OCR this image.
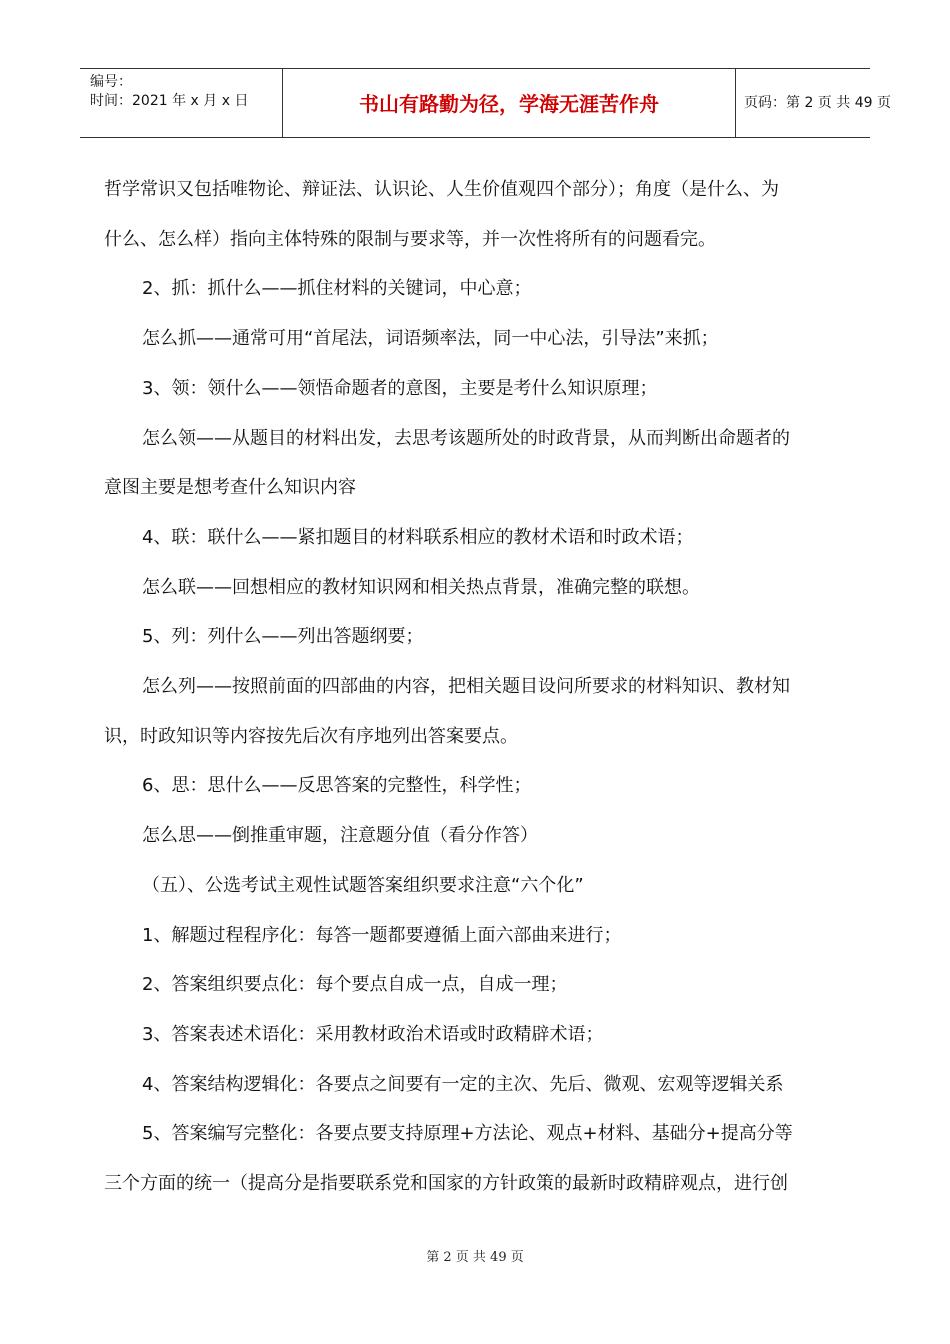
编号：
时间：2021 年 x 月 x 日	书山有路勤为径，学海无涯苦作舟	页码：第 2 页 共 49 页

哲学常识又包括唯物论、辩证法、认识论、人生价值观四个部分）；角度（是什么、为

什么、怎么样）指向主体特殊的限制与要求等，并一次性将所有的问题看完。

2、抓：抓什么——抓住材料的关键词，中心意；

怎么抓——通常可用“首尾法，词语频率法，同一中心法，引导法”来抓；

3、领：领什么——领悟命题者的意图，主要是考什么知识原理；

怎么领——从题目的材料出发，去思考该题所处的时政背景，从而判断出命题者的

意图主要是想考查什么知识内容

4、联：联什么——紧扣题目的材料联系相应的教材术语和时政术语；

怎么联——回想相应的教材知识网和相关热点背景，准确完整的联想。

5、列：列什么——列出答题纲要；

怎么列——按照前面的四部曲的内容，把相关题目设问所要求的材料知识、教材知

识，时政知识等内容按先后次有序地列出答案要点。

6、思：思什么——反思答案的完整性，科学性；

怎么思——倒推重审题，注意题分值（看分作答）

（五）、公选考试主观性试题答案组织要求注意“六个化”

1、解题过程程序化：每答一题都要遵循上面六部曲来进行；

2、答案组织要点化：每个要点自成一点，自成一理；

3、答案表述术语化：采用教材政治术语或时政精辟术语；

4、答案结构逻辑化：各要点之间要有一定的主次、先后、微观、宏观等逻辑关系

5、答案编写完整化：各要点要支持原理+方法论、观点+材料、基础分+提高分等

三个方面的统一（提高分是指要联系党和国家的方针政策的最新时政精辟观点，进行创

第 2 页 共 49 页
